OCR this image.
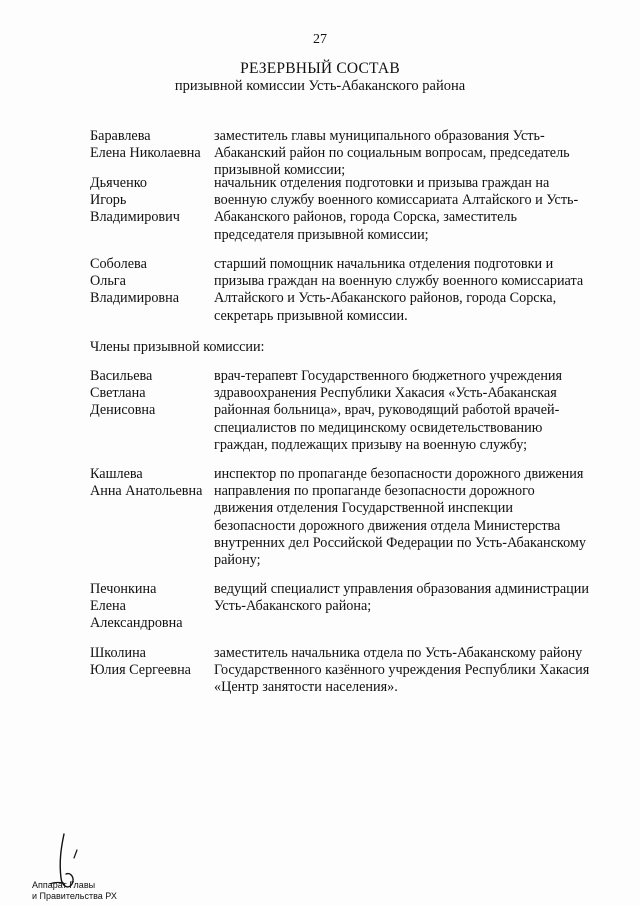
27
РЕЗЕРВНЫЙ СОСТАВ
призывной комиссии Усть-Абаканского района
Баравлева
Елена Николаевна
заместитель главы муниципального образования Усть-
Абаканский район по социальным вопросам, председатель
призывной комиссии;
Дьяченко
Игорь
Владимирович
начальник отделения подготовки и призыва граждан на
военную службу военного комиссариата Алтайского и Усть-
Абаканского районов, города Сорска, заместитель
председателя призывной комиссии;
Соболева
Ольга
Владимировна
старший помощник начальника отделения подготовки и
призыва граждан на военную службу военного комиссариата
Алтайского и Усть-Абаканского районов, города Сорска,
секретарь призывной комиссии.
Члены призывной комиссии:
Васильева
Светлана
Денисовна
врач-терапевт Государственного бюджетного учреждения
здравоохранения Республики Хакасия «Усть-Абаканская
районная больница», врач, руководящий работой врачей-
специалистов по медицинскому освидетельствованию
граждан, подлежащих призыву на военную службу;
Кашлева
Анна Анатольевна
инспектор по пропаганде безопасности дорожного движения
направления по пропаганде безопасности дорожного
движения отделения Государственной инспекции
безопасности дорожного движения отдела Министерства
внутренних дел Российской Федерации по Усть-Абаканскому
району;
Печонкина
Елена
Александровна
ведущий специалист управления образования администрации
Усть-Абаканского района;
Школина
Юлия Сергеевна
заместитель начальника отдела по Усть-Абаканскому району
Государственного казённого учреждения Республики Хакасия
«Центр занятости населения».
Аппарат Главы
и Правительства РХ
